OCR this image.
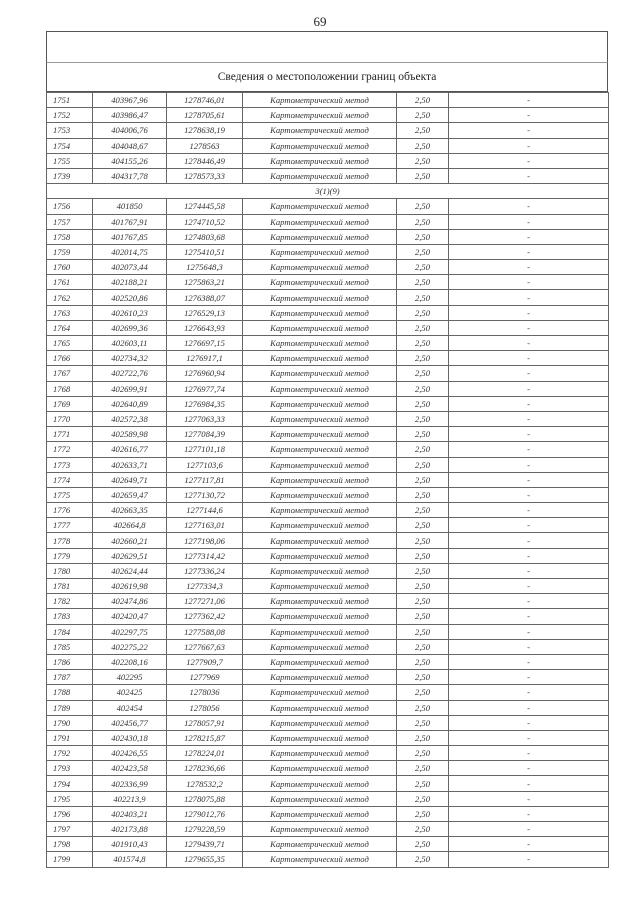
69
Сведения о местоположении границ объекта
1751	403967,96	1278746,01	Картометрический метод	2,50	-
1752	403986,47	1278705,61	Картометрический метод	2,50	-
1753	404006,76	1278638,19	Картометрический метод	2,50	-
1754	404048,67	1278563	Картометрический метод	2,50	-
1755	404155,26	1278446,49	Картометрический метод	2,50	-
1739	404317,78	1278573,33	Картометрический метод	2,50	-
3(1)(9)					
1756	401850	1274445,58	Картометрический метод	2,50	-
1757	401767,91	1274710,52	Картометрический метод	2,50	-
1758	401767,85	1274803,68	Картометрический метод	2,50	-
1759	402014,75	1275410,51	Картометрический метод	2,50	-
1760	402073,44	1275648,3	Картометрический метод	2,50	-
1761	402188,21	1275863,21	Картометрический метод	2,50	-
1762	402520,86	1276388,07	Картометрический метод	2,50	-
1763	402610,23	1276529,13	Картометрический метод	2,50	-
1764	402699,36	1276643,93	Картометрический метод	2,50	-
1765	402603,11	1276697,15	Картометрический метод	2,50	-
1766	402734,32	1276917,1	Картометрический метод	2,50	-
1767	402722,76	1276960,94	Картометрический метод	2,50	-
1768	402699,91	1276977,74	Картометрический метод	2,50	-
1769	402640,89	1276984,35	Картометрический метод	2,50	-
1770	402572,38	1277063,33	Картометрический метод	2,50	-
1771	402589,98	1277084,39	Картометрический метод	2,50	-
1772	402616,77	1277101,18	Картометрический метод	2,50	-
1773	402633,71	1277103,6	Картометрический метод	2,50	-
1774	402649,71	1277117,81	Картометрический метод	2,50	-
1775	402659,47	1277130,72	Картометрический метод	2,50	-
1776	402663,35	1277144,6	Картометрический метод	2,50	-
1777	402664,8	1277163,01	Картометрический метод	2,50	-
1778	402660,21	1277198,06	Картометрический метод	2,50	-
1779	402629,51	1277314,42	Картометрический метод	2,50	-
1780	402624,44	1277336,24	Картометрический метод	2,50	-
1781	402619,98	1277334,3	Картометрический метод	2,50	-
1782	402474,86	1277271,06	Картометрический метод	2,50	-
1783	402420,47	1277362,42	Картометрический метод	2,50	-
1784	402297,75	1277588,08	Картометрический метод	2,50	-
1785	402275,22	1277667,63	Картометрический метод	2,50	-
1786	402208,16	1277909,7	Картометрический метод	2,50	-
1787	402295	1277969	Картометрический метод	2,50	-
1788	402425	1278036	Картометрический метод	2,50	-
1789	402454	1278056	Картометрический метод	2,50	-
1790	402456,77	1278057,91	Картометрический метод	2,50	-
1791	402430,18	1278215,87	Картометрический метод	2,50	-
1792	402426,55	1278224,01	Картометрический метод	2,50	-
1793	402423,58	1278236,66	Картометрический метод	2,50	-
1794	402336,99	1278532,2	Картометрический метод	2,50	-
1795	402213,9	1278075,88	Картометрический метод	2,50	-
1796	402403,21	1279012,76	Картометрический метод	2,50	-
1797	402173,88	1279228,59	Картометрический метод	2,50	-
1798	401910,43	1279439,71	Картометрический метод	2,50	-
1799	401574,8	1279655,35	Картометрический метод	2,50	-
